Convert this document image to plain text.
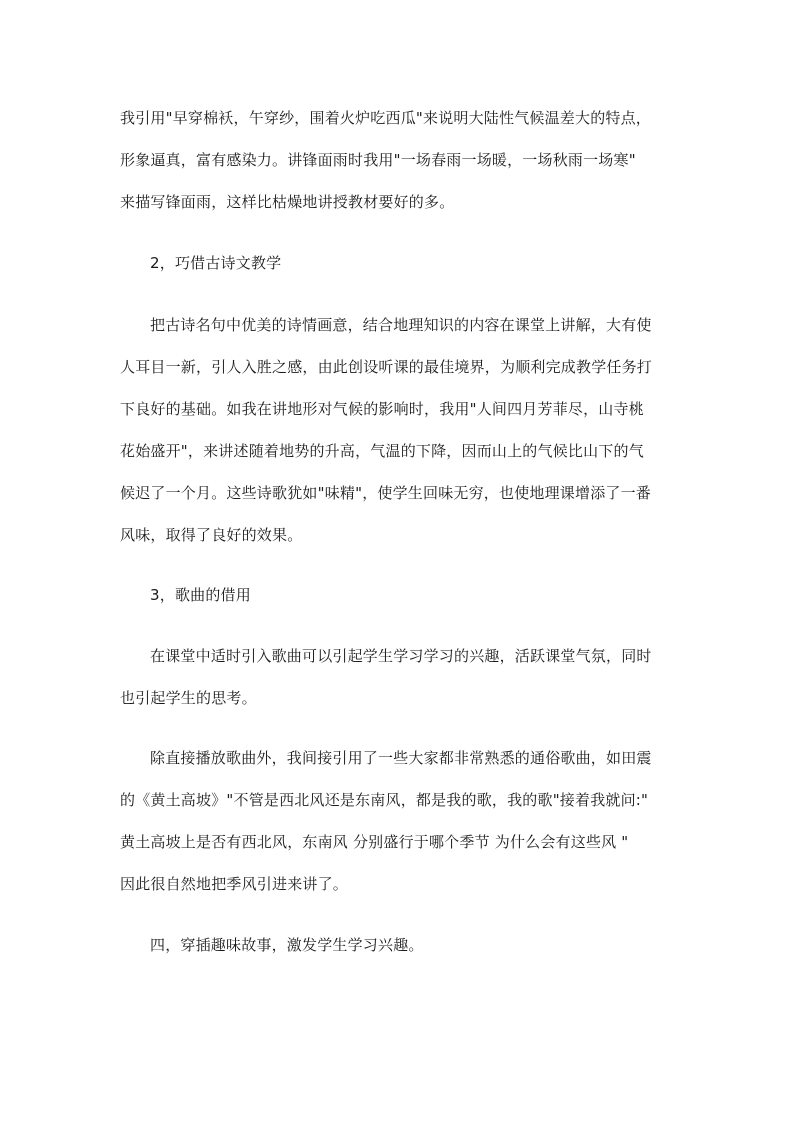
我引用"早穿棉袄，午穿纱，围着火炉吃西瓜"来说明大陆性气候温差大的特点，
形象逼真，富有感染力。讲锋面雨时我用"一场春雨一场暖，一场秋雨一场寒"
来描写锋面雨，这样比枯燥地讲授教材要好的多。
2，巧借古诗文教学
把古诗名句中优美的诗情画意，结合地理知识的内容在课堂上讲解，大有使
人耳目一新，引人入胜之感，由此创设听课的最佳境界，为顺利完成教学任务打
下良好的基础。如我在讲地形对气候的影响时，我用"人间四月芳菲尽，山寺桃
花始盛开"，来讲述随着地势的升高，气温的下降，因而山上的气候比山下的气
候迟了一个月。这些诗歌犹如"味精"，使学生回味无穷，也使地理课增添了一番
风味，取得了良好的效果。
3，歌曲的借用
在课堂中适时引入歌曲可以引起学生学习学习的兴趣，活跃课堂气氛，同时
也引起学生的思考。
除直接播放歌曲外，我间接引用了一些大家都非常熟悉的通俗歌曲，如田震
的《黄土高坡》"不管是西北风还是东南风，都是我的歌，我的歌"接着我就问:"
黄土高坡上是否有西北风，东南风 分别盛行于哪个季节 为什么会有这些风 "
因此很自然地把季风引进来讲了。
四，穿插趣味故事，激发学生学习兴趣。
